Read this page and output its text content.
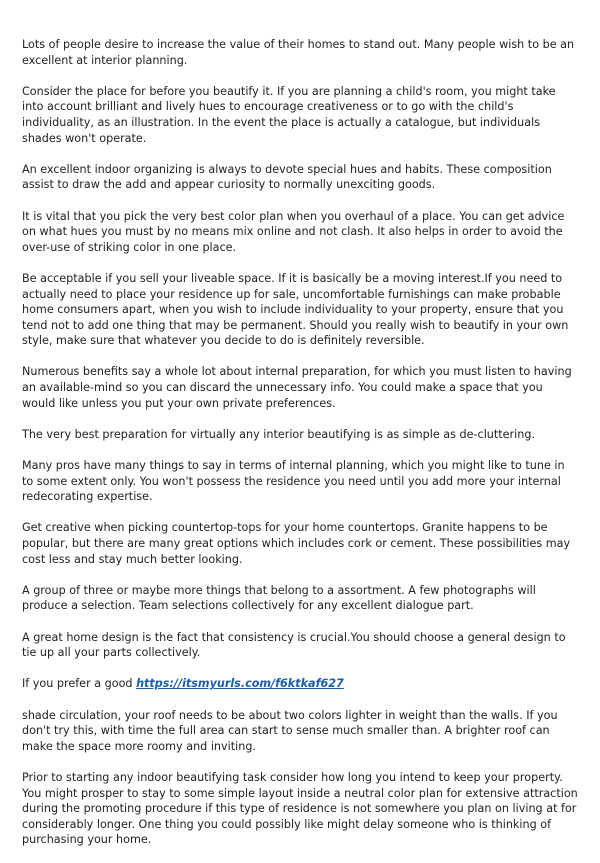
Lots of people desire to increase the value of their homes to stand out. Many people wish to be an excellent at interior planning.

Consider the place for before you beautify it. If you are planning a child's room, you might take into account brilliant and lively hues to encourage creativeness or to go with the child's individuality, as an illustration. In the event the place is actually a catalogue, but individuals shades won't operate.

An excellent indoor organizing is always to devote special hues and habits. These composition assist to draw the add and appear curiosity to normally unexciting goods.

It is vital that you pick the very best color plan when you overhaul of a place. You can get advice on what hues you must by no means mix online and not clash. It also helps in order to avoid the over-use of striking color in one place.

Be acceptable if you sell your liveable space. If it is basically be a moving interest.If you need to actually need to place your residence up for sale, uncomfortable furnishings can make probable home consumers apart, when you wish to include individuality to your property, ensure that you tend not to add one thing that may be permanent. Should you really wish to beautify in your own style, make sure that whatever you decide to do is definitely reversible.

Numerous benefits say a whole lot about internal preparation, for which you must listen to having an available-mind so you can discard the unnecessary info. You could make a space that you would like unless you put your own private preferences.

The very best preparation for virtually any interior beautifying is as simple as de-cluttering.

Many pros have many things to say in terms of internal planning, which you might like to tune in to some extent only. You won't possess the residence you need until you add more your internal redecorating expertise.

Get creative when picking countertop-tops for your home countertops. Granite happens to be popular, but there are many great options which includes cork or cement. These possibilities may cost less and stay much better looking.

A group of three or maybe more things that belong to a assortment. A few photographs will produce a selection. Team selections collectively for any excellent dialogue part.

A great home design is the fact that consistency is crucial.You should choose a general design to tie up all your parts collectively.

If you prefer a good https://itsmyurls.com/f6ktkaf627

shade circulation, your roof needs to be about two colors lighter in weight than the walls. If you don't try this, with time the full area can start to sense much smaller than. A brighter roof can make the space more roomy and inviting.

Prior to starting any indoor beautifying task consider how long you intend to keep your property. You might prosper to stay to some simple layout inside a neutral color plan for extensive attraction during the promoting procedure if this type of residence is not somewhere you plan on living at for considerably longer. One thing you could possibly like might delay someone who is thinking of purchasing your home.
